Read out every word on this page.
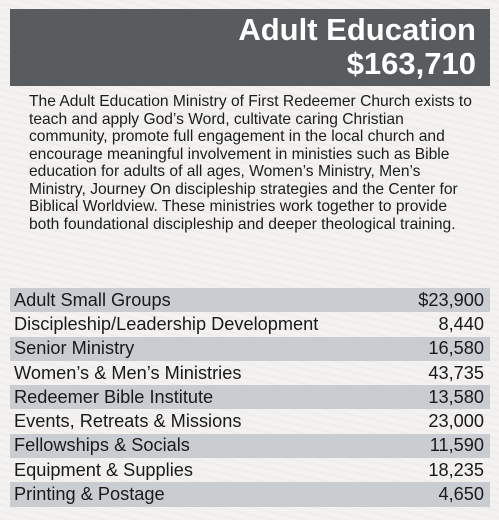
Adult Education
$163,710
The Adult Education Ministry of First Redeemer Church exists to teach and apply God’s Word, cultivate caring Christian community, promote full engagement in the local church and encourage meaningful involvement in ministies such as Bible education for adults of all ages, Women’s Ministry, Men’s Ministry, Journey On discipleship strategies and the Center for Biblical Worldview. These ministries work together to provide both foundational discipleship and deeper theological training.
Adult Small Groups	$23,900
Discipleship/Leadership Development	8,440
Senior Ministry	16,580
Women’s & Men’s Ministries	43,735
Redeemer Bible Institute	13,580
Events, Retreats & Missions	23,000
Fellowships & Socials	11,590
Equipment & Supplies	18,235
Printing & Postage	4,650
